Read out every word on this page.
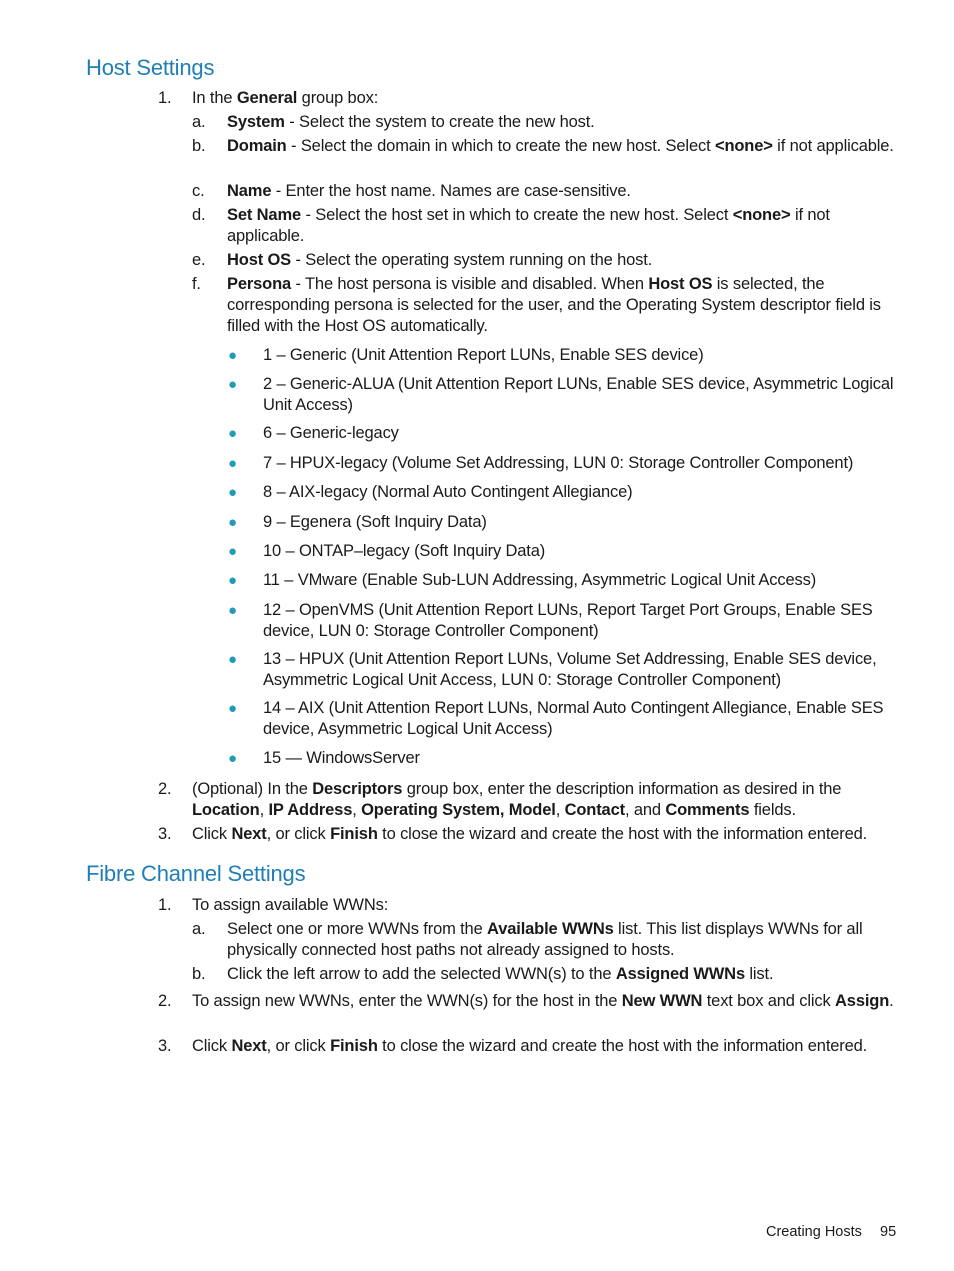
Host Settings
1. In the General group box:
a. System - Select the system to create the new host.
b. Domain - Select the domain in which to create the new host. Select <none> if not applicable.
c. Name - Enter the host name. Names are case-sensitive.
d. Set Name - Select the host set in which to create the new host. Select <none> if not applicable.
e. Host OS - Select the operating system running on the host.
f. Persona - The host persona is visible and disabled. When Host OS is selected, the corresponding persona is selected for the user, and the Operating System descriptor field is filled with the Host OS automatically.
● 1 – Generic (Unit Attention Report LUNs, Enable SES device)
● 2 – Generic-ALUA (Unit Attention Report LUNs, Enable SES device, Asymmetric Logical Unit Access)
● 6 – Generic-legacy
● 7 – HPUX-legacy (Volume Set Addressing, LUN 0: Storage Controller Component)
● 8 – AIX-legacy (Normal Auto Contingent Allegiance)
● 9 – Egenera (Soft Inquiry Data)
● 10 – ONTAP–legacy (Soft Inquiry Data)
● 11 – VMware (Enable Sub-LUN Addressing, Asymmetric Logical Unit Access)
● 12 – OpenVMS (Unit Attention Report LUNs, Report Target Port Groups, Enable SES device, LUN 0: Storage Controller Component)
● 13 – HPUX (Unit Attention Report LUNs, Volume Set Addressing, Enable SES device, Asymmetric Logical Unit Access, LUN 0: Storage Controller Component)
● 14 – AIX (Unit Attention Report LUNs, Normal Auto Contingent Allegiance, Enable SES device, Asymmetric Logical Unit Access)
● 15 — WindowsServer
2. (Optional) In the Descriptors group box, enter the description information as desired in the Location, IP Address, Operating System, Model, Contact, and Comments fields.
3. Click Next, or click Finish to close the wizard and create the host with the information entered.
Fibre Channel Settings
1. To assign available WWNs:
a. Select one or more WWNs from the Available WWNs list. This list displays WWNs for all physically connected host paths not already assigned to hosts.
b. Click the left arrow to add the selected WWN(s) to the Assigned WWNs list.
2. To assign new WWNs, enter the WWN(s) for the host in the New WWN text box and click Assign.
3. Click Next, or click Finish to close the wizard and create the host with the information entered.
Creating Hosts 95
